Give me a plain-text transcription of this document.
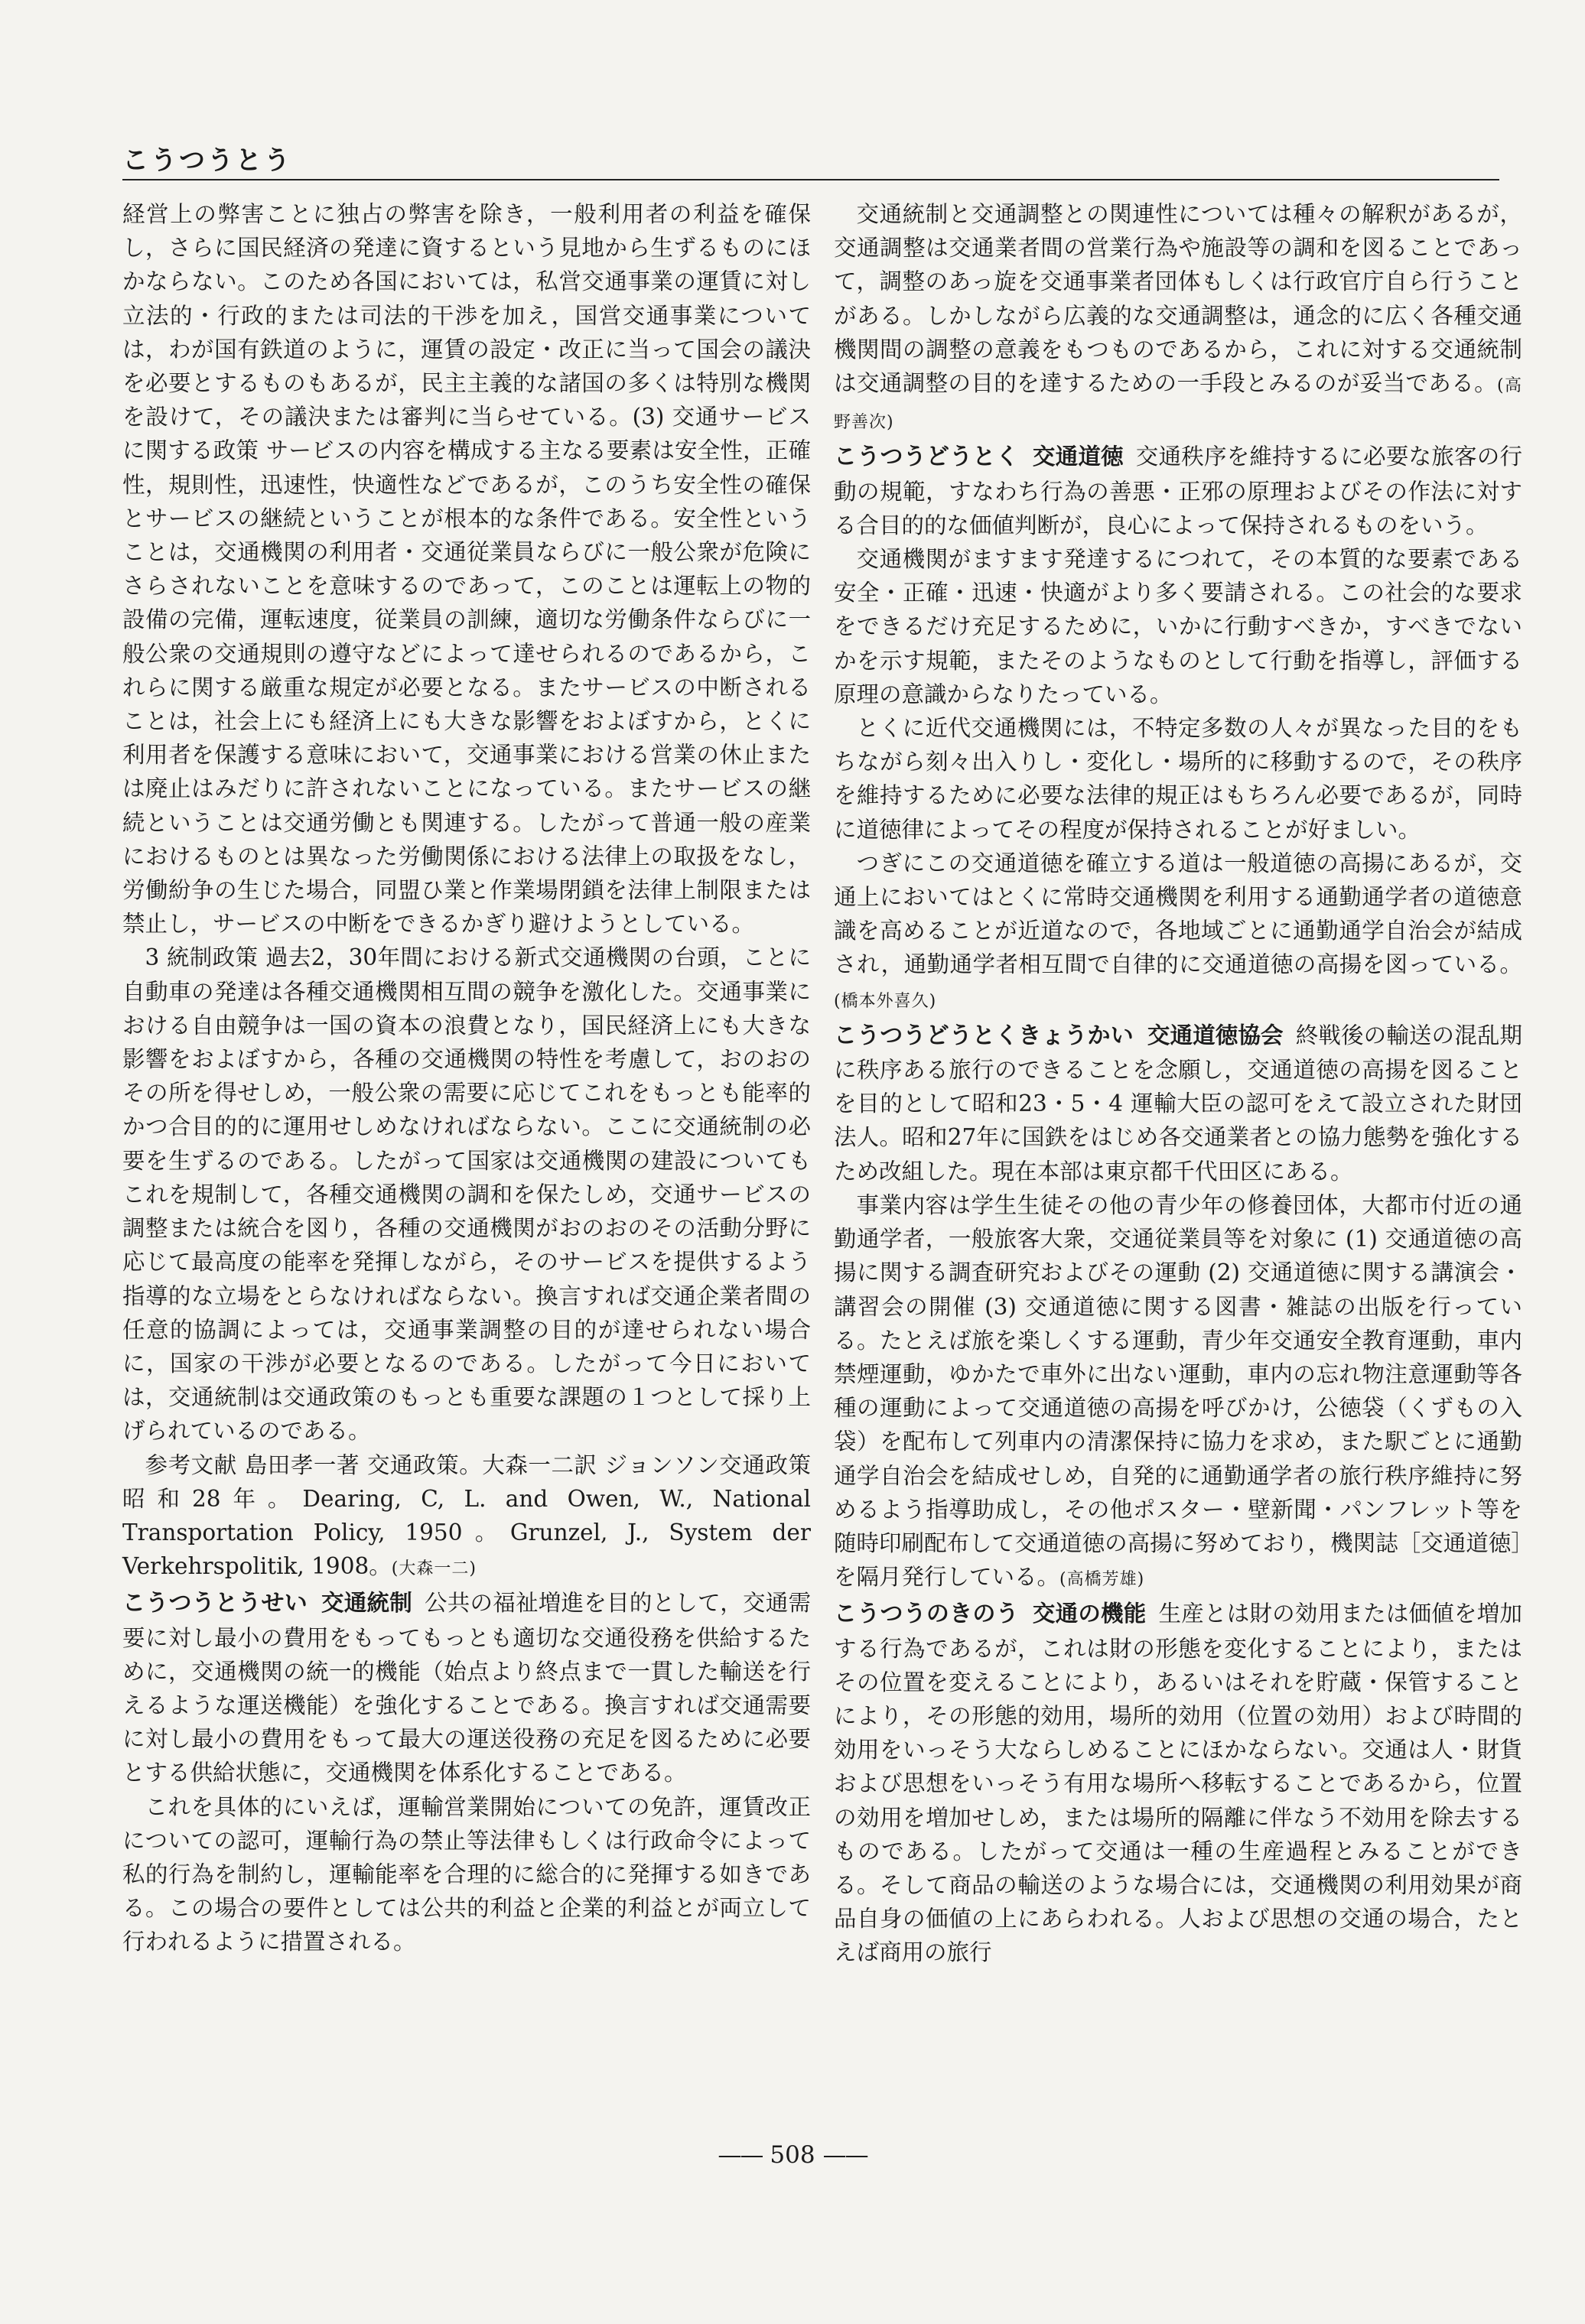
こうつうとう

経営上の弊害ことに独占の弊害を除き，一般利用者の利益を確保し，さらに国民経済の発達に資するという見地から生ずるものにほかならない。このため各国においては，私営交通事業の運賃に対し立法的・行政的または司法的干渉を加え，国営交通事業については，わが国有鉄道のように，運賃の設定・改正に当って国会の議決を必要とするものもあるが，民主主義的な諸国の多くは特別な機関を設けて，その議決または審判に当らせている。(3) 交通サービスに関する政策 サービスの内容を構成する主なる要素は安全性，正確性，規則性，迅速性，快適性などであるが，このうち安全性の確保とサービスの継続ということが根本的な条件である。安全性ということは，交通機関の利用者・交通従業員ならびに一般公衆が危険にさらされないことを意味するのであって，このことは運転上の物的設備の完備，運転速度，従業員の訓練，適切な労働条件ならびに一般公衆の交通規則の遵守などによって達せられるのであるから，これらに関する厳重な規定が必要となる。またサービスの中断されることは，社会上にも経済上にも大きな影響をおよぼすから，とくに利用者を保護する意味において，交通事業における営業の休止または廃止はみだりに許されないことになっている。またサービスの継続ということは交通労働とも関連する。したがって普通一般の産業におけるものとは異なった労働関係における法律上の取扱をなし，労働紛争の生じた場合，同盟ひ業と作業場閉鎖を法律上制限または禁止し，サービスの中断をできるかぎり避けようとしている。

3 統制政策 過去2，30年間における新式交通機関の台頭，ことに自動車の発達は各種交通機関相互間の競争を激化した。交通事業における自由競争は一国の資本の浪費となり，国民経済上にも大きな影響をおよぼすから，各種の交通機関の特性を考慮して，おのおのその所を得せしめ，一般公衆の需要に応じてこれをもっとも能率的かつ合目的的に運用せしめなければならない。ここに交通統制の必要を生ずるのである。したがって国家は交通機関の建設についてもこれを規制して，各種交通機関の調和を保たしめ，交通サービスの調整または統合を図り，各種の交通機関がおのおのその活動分野に応じて最高度の能率を発揮しながら，そのサービスを提供するよう指導的な立場をとらなければならない。換言すれば交通企業者間の任意的協調によっては，交通事業調整の目的が達せられない場合に，国家の干渉が必要となるのである。したがって今日においては，交通統制は交通政策のもっとも重要な課題の１つとして採り上げられているのである。

参考文献 島田孝一著 交通政策。大森一二訳 ジョンソン交通政策 昭和28年。Dearing, C, L. and Owen, W., National Transportation Policy, 1950。Grunzel, J., System der Verkehrspolitik, 1908。(大森一二)

こうつうとうせい 交通統制 公共の福祉増進を目的として，交通需要に対し最小の費用をもってもっとも適切な交通役務を供給するために，交通機関の統一的機能（始点より終点まで一貫した輸送を行えるような運送機能）を強化することである。換言すれば交通需要に対し最小の費用をもって最大の運送役務の充足を図るために必要とする供給状態に，交通機関を体系化することである。

これを具体的にいえば，運輸営業開始についての免許，運賃改正についての認可，運輸行為の禁止等法律もしくは行政命令によって私的行為を制約し，運輸能率を合理的に総合的に発揮する如きである。この場合の要件としては公共的利益と企業的利益とが両立して行われるように措置される。

交通統制と交通調整との関連性については種々の解釈があるが，交通調整は交通業者間の営業行為や施設等の調和を図ることであって，調整のあっ旋を交通事業者団体もしくは行政官庁自ら行うことがある。しかしながら広義的な交通調整は，通念的に広く各種交通機関間の調整の意義をもつものであるから，これに対する交通統制は交通調整の目的を達するための一手段とみるのが妥当である。(高野善次)

こうつうどうとく 交通道徳 交通秩序を維持するに必要な旅客の行動の規範，すなわち行為の善悪・正邪の原理およびその作法に対する合目的的な価値判断が，良心によって保持されるものをいう。

交通機関がますます発達するにつれて，その本質的な要素である安全・正確・迅速・快適がより多く要請される。この社会的な要求をできるだけ充足するために，いかに行動すべきか，すべきでないかを示す規範，またそのようなものとして行動を指導し，評価する原理の意識からなりたっている。

とくに近代交通機関には，不特定多数の人々が異なった目的をもちながら刻々出入りし・変化し・場所的に移動するので，その秩序を維持するために必要な法律的規正はもちろん必要であるが，同時に道徳律によってその程度が保持されることが好ましい。

つぎにこの交通道徳を確立する道は一般道徳の高揚にあるが，交通上においてはとくに常時交通機関を利用する通勤通学者の道徳意識を高めることが近道なので，各地域ごとに通勤通学自治会が結成され，通勤通学者相互間で自律的に交通道徳の高揚を図っている。(橋本外喜久)

こうつうどうとくきょうかい 交通道徳協会 終戦後の輸送の混乱期に秩序ある旅行のできることを念願し，交通道徳の高揚を図ることを目的として昭和23・5・4 運輸大臣の認可をえて設立された財団法人。昭和27年に国鉄をはじめ各交通業者との協力態勢を強化するため改組した。現在本部は東京都千代田区にある。

事業内容は学生生徒その他の青少年の修養団体，大都市付近の通勤通学者，一般旅客大衆，交通従業員等を対象に (1) 交通道徳の高揚に関する調査研究およびその運動 (2) 交通道徳に関する講演会・講習会の開催 (3) 交通道徳に関する図書・雑誌の出版を行っている。たとえば旅を楽しくする運動，青少年交通安全教育運動，車内禁煙運動，ゆかたで車外に出ない運動，車内の忘れ物注意運動等各種の運動によって交通道徳の高揚を呼びかけ，公徳袋（くずもの入袋）を配布して列車内の清潔保持に協力を求め，また駅ごとに通勤通学自治会を結成せしめ，自発的に通勤通学者の旅行秩序維持に努めるよう指導助成し，その他ポスター・壁新聞・パンフレット等を随時印刷配布して交通道徳の高揚に努めており，機関誌［交通道徳］を隔月発行している。(高橋芳雄)

こうつうのきのう 交通の機能 生産とは財の効用または価値を増加する行為であるが，これは財の形態を変化することにより，またはその位置を変えることにより，あるいはそれを貯蔵・保管することにより，その形態的効用，場所的効用（位置の効用）および時間的効用をいっそう大ならしめることにほかならない。交通は人・財貨および思想をいっそう有用な場所へ移転することであるから，位置の効用を増加せしめ，または場所的隔離に伴なう不効用を除去するものである。したがって交通は一種の生産過程とみることができる。そして商品の輸送のような場合には，交通機関の利用効果が商品自身の価値の上にあらわれる。人および思想の交通の場合，たとえば商用の旅行

—— 508 ——
